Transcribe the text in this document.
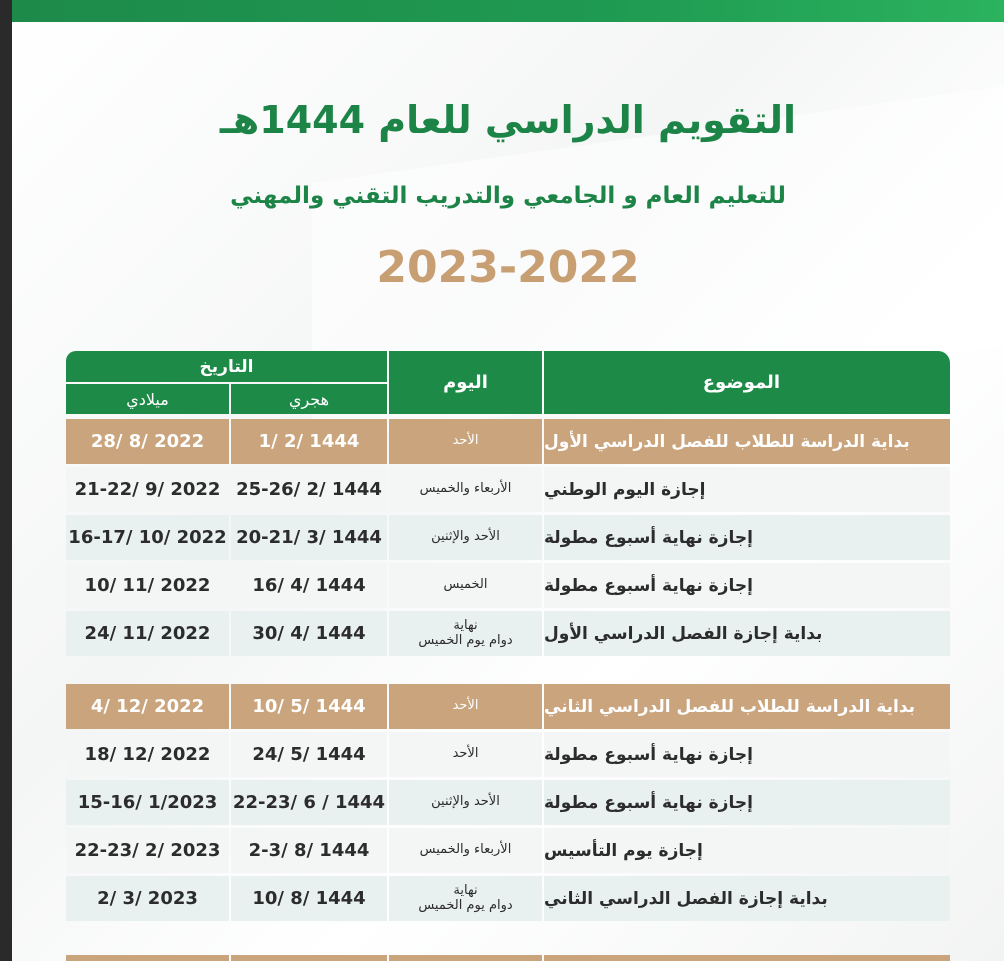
التقويم الدراسي للعام 1444هـ
للتعليم العام و الجامعي والتدريب التقني والمهني
2023-2022
الموضوع
اليوم
التاريخ
هجري
ميلادي
بداية الدراسة للطلاب للفصل الدراسي الأول
الأحد
1/ 2/ 1444
28/ 8/ 2022
إجازة اليوم الوطني
الأربعاء والخميس
25-26/ 2/ 1444
21-22/ 9/ 2022
إجازة نهاية أسبوع مطولة
الأحد والإثنين
20-21/ 3/ 1444
16-17/ 10/ 2022
إجازة نهاية أسبوع مطولة
الخميس
16/ 4/ 1444
10/ 11/ 2022
بداية إجازة الفصل الدراسي الأول
نهاية
دوام يوم الخميس
30/ 4/ 1444
24/ 11/ 2022
بداية الدراسة للطلاب للفصل الدراسي الثاني
الأحد
10/ 5/ 1444
4/ 12/ 2022
إجازة نهاية أسبوع مطولة
الأحد
24/ 5/ 1444
18/ 12/ 2022
إجازة نهاية أسبوع مطولة
الأحد والإثنين
22-23/ 6 / 1444
15-16/ 1/2023
إجازة يوم التأسيس
الأربعاء والخميس
2-3/ 8/ 1444
22-23/ 2/ 2023
بداية إجازة الفصل الدراسي الثاني
نهاية
دوام يوم الخميس
10/ 8/ 1444
2/ 3/ 2023
